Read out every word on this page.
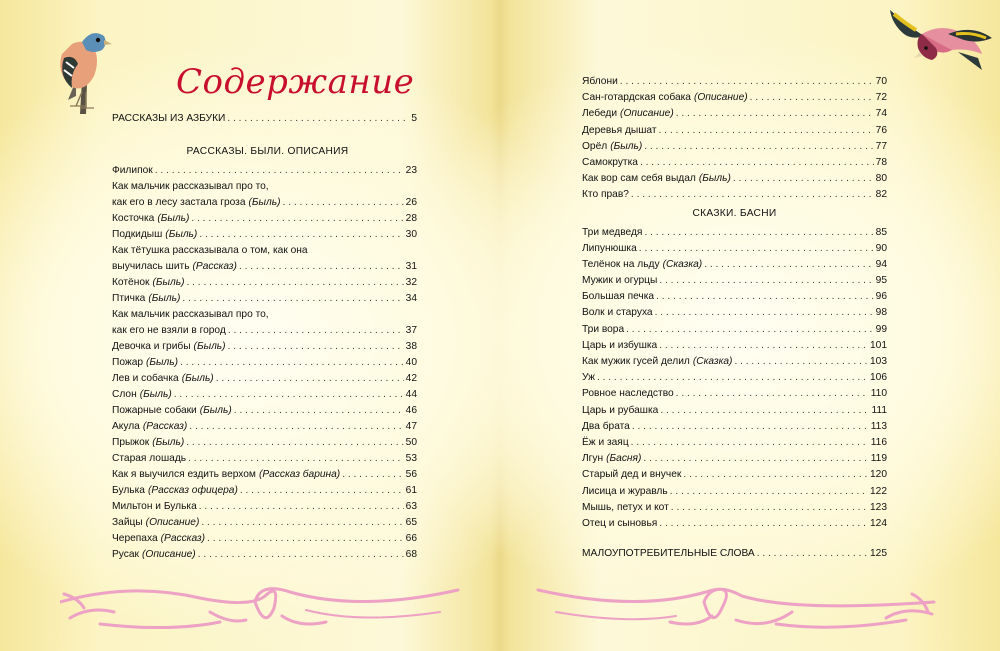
Содержание
РАССКАЗЫ ИЗ АЗБУКИ . . .	5
РАССКАЗЫ. БЫЛИ. ОПИСАНИЯ
Филипок . . .	23
Как мальчик рассказывал про то,
как его в лесу застала гроза (Быль) . . .	26
Косточка (Быль) . . .	28
Подкидыш (Быль) . . .	30
Как тётушка рассказывала о том, как она
выучилась шить (Рассказ) . . .	31
Котёнок (Быль) . . .	32
Птичка (Быль) . . .	34
Как мальчик рассказывал про то,
как его не взяли в город . . .	37
Девочка и грибы (Быль) . . .	38
Пожар (Быль) . . .	40
Лев и собачка (Быль) . . .	42
Слон (Быль) . . .	44
Пожарные собаки (Быль) . . .	46
Акула (Рассказ) . . .	47
Прыжок (Быль) . . .	50
Старая лошадь . . .	53
Как я выучился ездить верхом (Рассказ барина) . . .	56
Булька (Рассказ офицера) . . .	61
Мильтон и Булька . . .	63
Зайцы (Описание) . . .	65
Черепаха (Рассказ) . . .	66
Русак (Описание) . . .	68
Яблони . . .	70
Сан-готардская собака (Описание) . . .	72
Лебеди (Описание) . . .	74
Деревья дышат . . .	76
Орёл (Быль) . . .	77
Самокрутка . . .	78
Как вор сам себя выдал (Быль) . . .	80
Кто прав? . . .	82
СКАЗКИ. БАСНИ
Три медведя . . .	85
Липунюшка . . .	90
Телёнок на льду (Сказка) . . .	94
Мужик и огурцы . . .	95
Большая печка . . .	96
Волк и старуха . . .	98
Три вора . . .	99
Царь и избушка . . .	101
Как мужик гусей делил (Сказка) . . .	103
Уж . . .	106
Ровное наследство . . .	110
Царь и рубашка . . .	111
Два брата . . .	113
Ёж и заяц . . .	116
Лгун (Басня) . . .	119
Старый дед и внучек . . .	120
Лисица и журавль . . .	122
Мышь, петух и кот . . .	123
Отец и сыновья . . .	124
МАЛОУПОТРЕБИТЕЛЬНЫЕ СЛОВА . . .	125
